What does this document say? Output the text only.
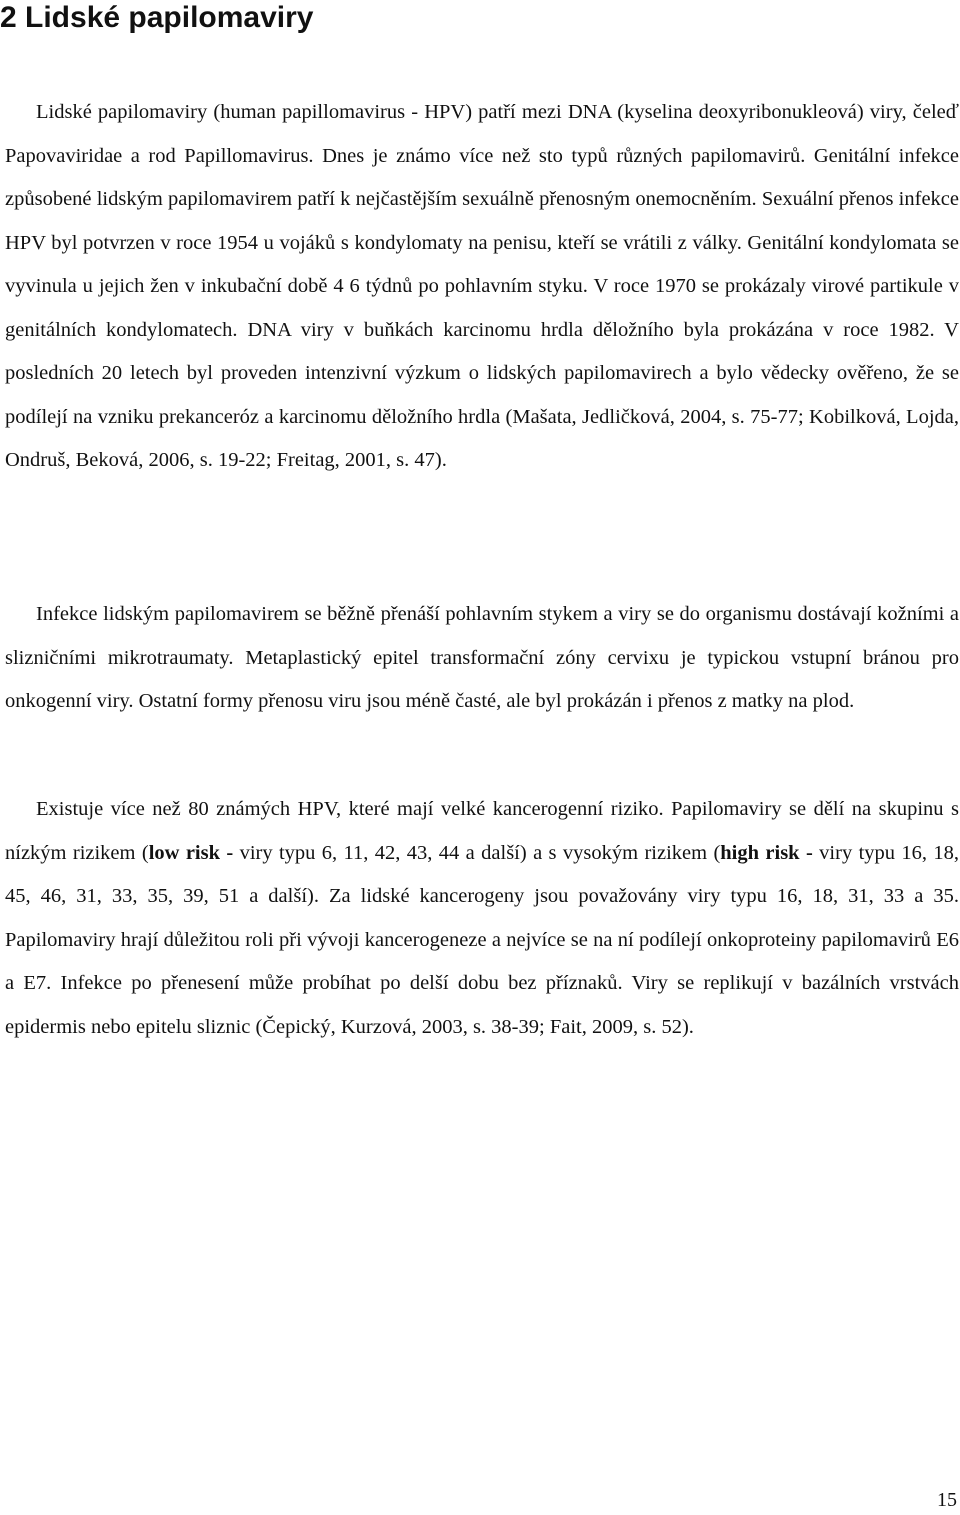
2 Lidské papilomaviry

Lidské papilomaviry (human papillomavirus - HPV) patří mezi DNA (kyselina deoxyribonukleová) viry, čeleď Papovaviridae a rod Papillomavirus. Dnes je známo více než sto typů různých papilomavirů. Genitální infekce způsobené lidským papilomavirem patří k nejčastějším sexuálně přenosným onemocněním. Sexuální přenos infekce HPV byl potvrzen v roce 1954 u vojáků s kondylomaty na penisu, kteří se vrátili z války. Genitální kondylomata se vyvinula u jejich žen v inkubační době 4 6 týdnů po pohlavním styku. V roce 1970 se prokázaly virové partikule v genitálních kondylomatech. DNA viry v buňkách karcinomu hrdla děložního byla prokázána v roce 1982. V posledních 20 letech byl proveden intenzivní výzkum o lidských papilomavirech a bylo vědecky ověřeno, že se podílejí na vzniku prekanceróz a karcinomu děložního hrdla (Mašata, Jedličková, 2004, s. 75-77; Kobilková, Lojda, Ondruš, Beková, 2006, s. 19-22; Freitag, 2001, s. 47).

Infekce lidským papilomavirem se běžně přenáší pohlavním stykem a viry se do organismu dostávají kožními a slizničními mikrotraumaty. Metaplastický epitel transformační zóny cervixu je typickou vstupní bránou pro onkogenní viry. Ostatní formy přenosu viru jsou méně časté, ale byl prokázán i přenos z matky na plod.

Existuje více než 80 známých HPV, které mají velké kancerogenní riziko. Papilomaviry se dělí na skupinu s nízkým rizikem (low risk - viry typu 6, 11, 42, 43, 44 a další) a s vysokým rizikem (high risk - viry typu 16, 18, 45, 46, 31, 33, 35, 39, 51 a další). Za lidské kancerogeny jsou považovány viry typu 16, 18, 31, 33 a 35. Papilomaviry hrají důležitou roli při vývoji kancerogeneze a nejvíce se na ní podílejí onkoproteiny papilomavirů E6 a E7. Infekce po přenesení může probíhat po delší dobu bez příznaků. Viry se replikují v bazálních vrstvách epidermis nebo epitelu sliznic (Čepický, Kurzová, 2003, s. 38-39; Fait, 2009, s. 52).

15
